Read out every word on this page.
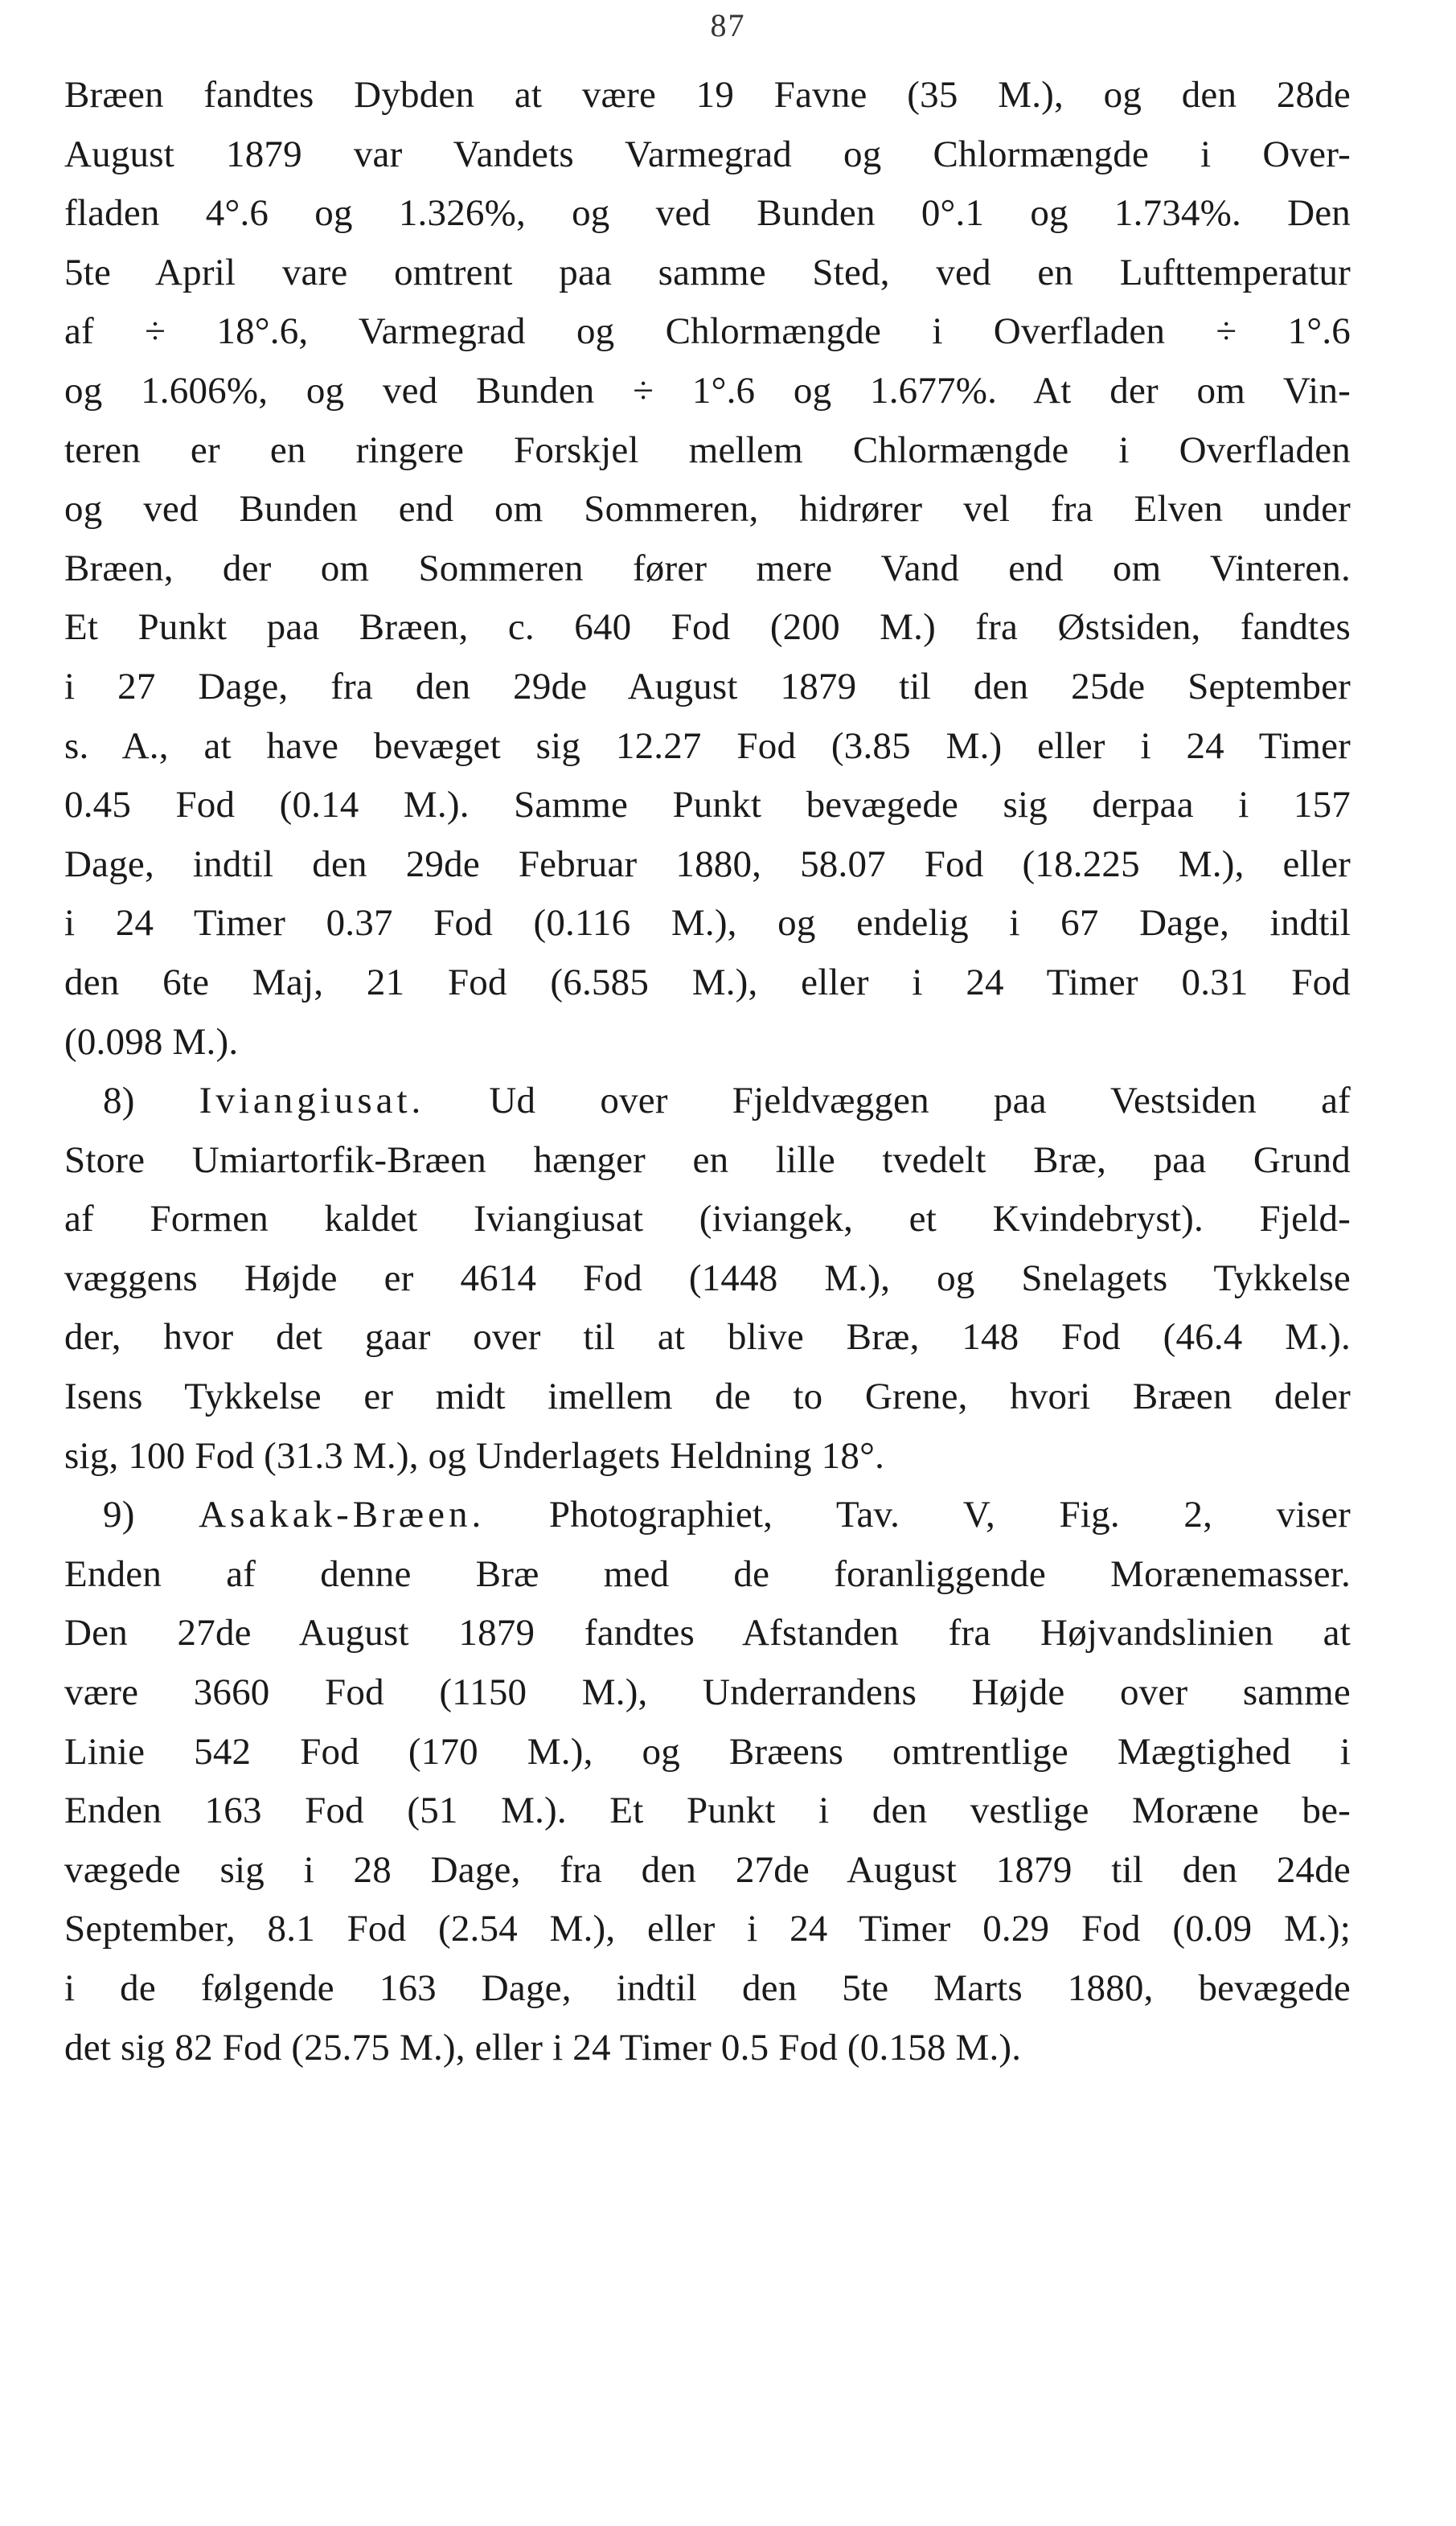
87
Bræen fandtes Dybden at være 19 Favne (35 M.), og den 28de
August 1879 var Vandets Varmegrad og Chlormængde i Over-
fladen 4°.6 og 1.326%, og ved Bunden 0°.1 og 1.734%. Den
5te April vare omtrent paa samme Sted, ved en Lufttemperatur
af ÷ 18°.6, Varmegrad og Chlormængde i Overfladen ÷ 1°.6
og 1.606%, og ved Bunden ÷ 1°.6 og 1.677%. At der om Vin-
teren er en ringere Forskjel mellem Chlormængde i Overfladen
og ved Bunden end om Sommeren, hidrører vel fra Elven under
Bræen, der om Sommeren fører mere Vand end om Vinteren.
Et Punkt paa Bræen, c. 640 Fod (200 M.) fra Østsiden, fandtes
i 27 Dage, fra den 29de August 1879 til den 25de September
s. A., at have bevæget sig 12.27 Fod (3.85 M.) eller i 24 Timer
0.45 Fod (0.14 M.). Samme Punkt bevægede sig derpaa i 157
Dage, indtil den 29de Februar 1880, 58.07 Fod (18.225 M.), eller
i 24 Timer 0.37 Fod (0.116 M.), og endelig i 67 Dage, indtil
den 6te Maj, 21 Fod (6.585 M.), eller i 24 Timer 0.31 Fod
(0.098 M.).
8) Iviangiusat. Ud over Fjeldvæggen paa Vestsiden af
Store Umiartorfik-Bræen hænger en lille tvedelt Bræ, paa Grund
af Formen kaldet Iviangiusat (iviangek, et Kvindebryst). Fjeld-
væggens Højde er 4614 Fod (1448 M.), og Snelagets Tykkelse
der, hvor det gaar over til at blive Bræ, 148 Fod (46.4 M.).
Isens Tykkelse er midt imellem de to Grene, hvori Bræen deler
sig, 100 Fod (31.3 M.), og Underlagets Heldning 18°.
9) Asakak-Bræen. Photographiet, Tav. V, Fig. 2, viser
Enden af denne Bræ med de foranliggende Morænemasser.
Den 27de August 1879 fandtes Afstanden fra Højvandslinien at
være 3660 Fod (1150 M.), Underrandens Højde over samme
Linie 542 Fod (170 M.), og Bræens omtrentlige Mægtighed i
Enden 163 Fod (51 M.). Et Punkt i den vestlige Moræne be-
vægede sig i 28 Dage, fra den 27de August 1879 til den 24de
September, 8.1 Fod (2.54 M.), eller i 24 Timer 0.29 Fod (0.09 M.);
i de følgende 163 Dage, indtil den 5te Marts 1880, bevægede
det sig 82 Fod (25.75 M.), eller i 24 Timer 0.5 Fod (0.158 M.).
